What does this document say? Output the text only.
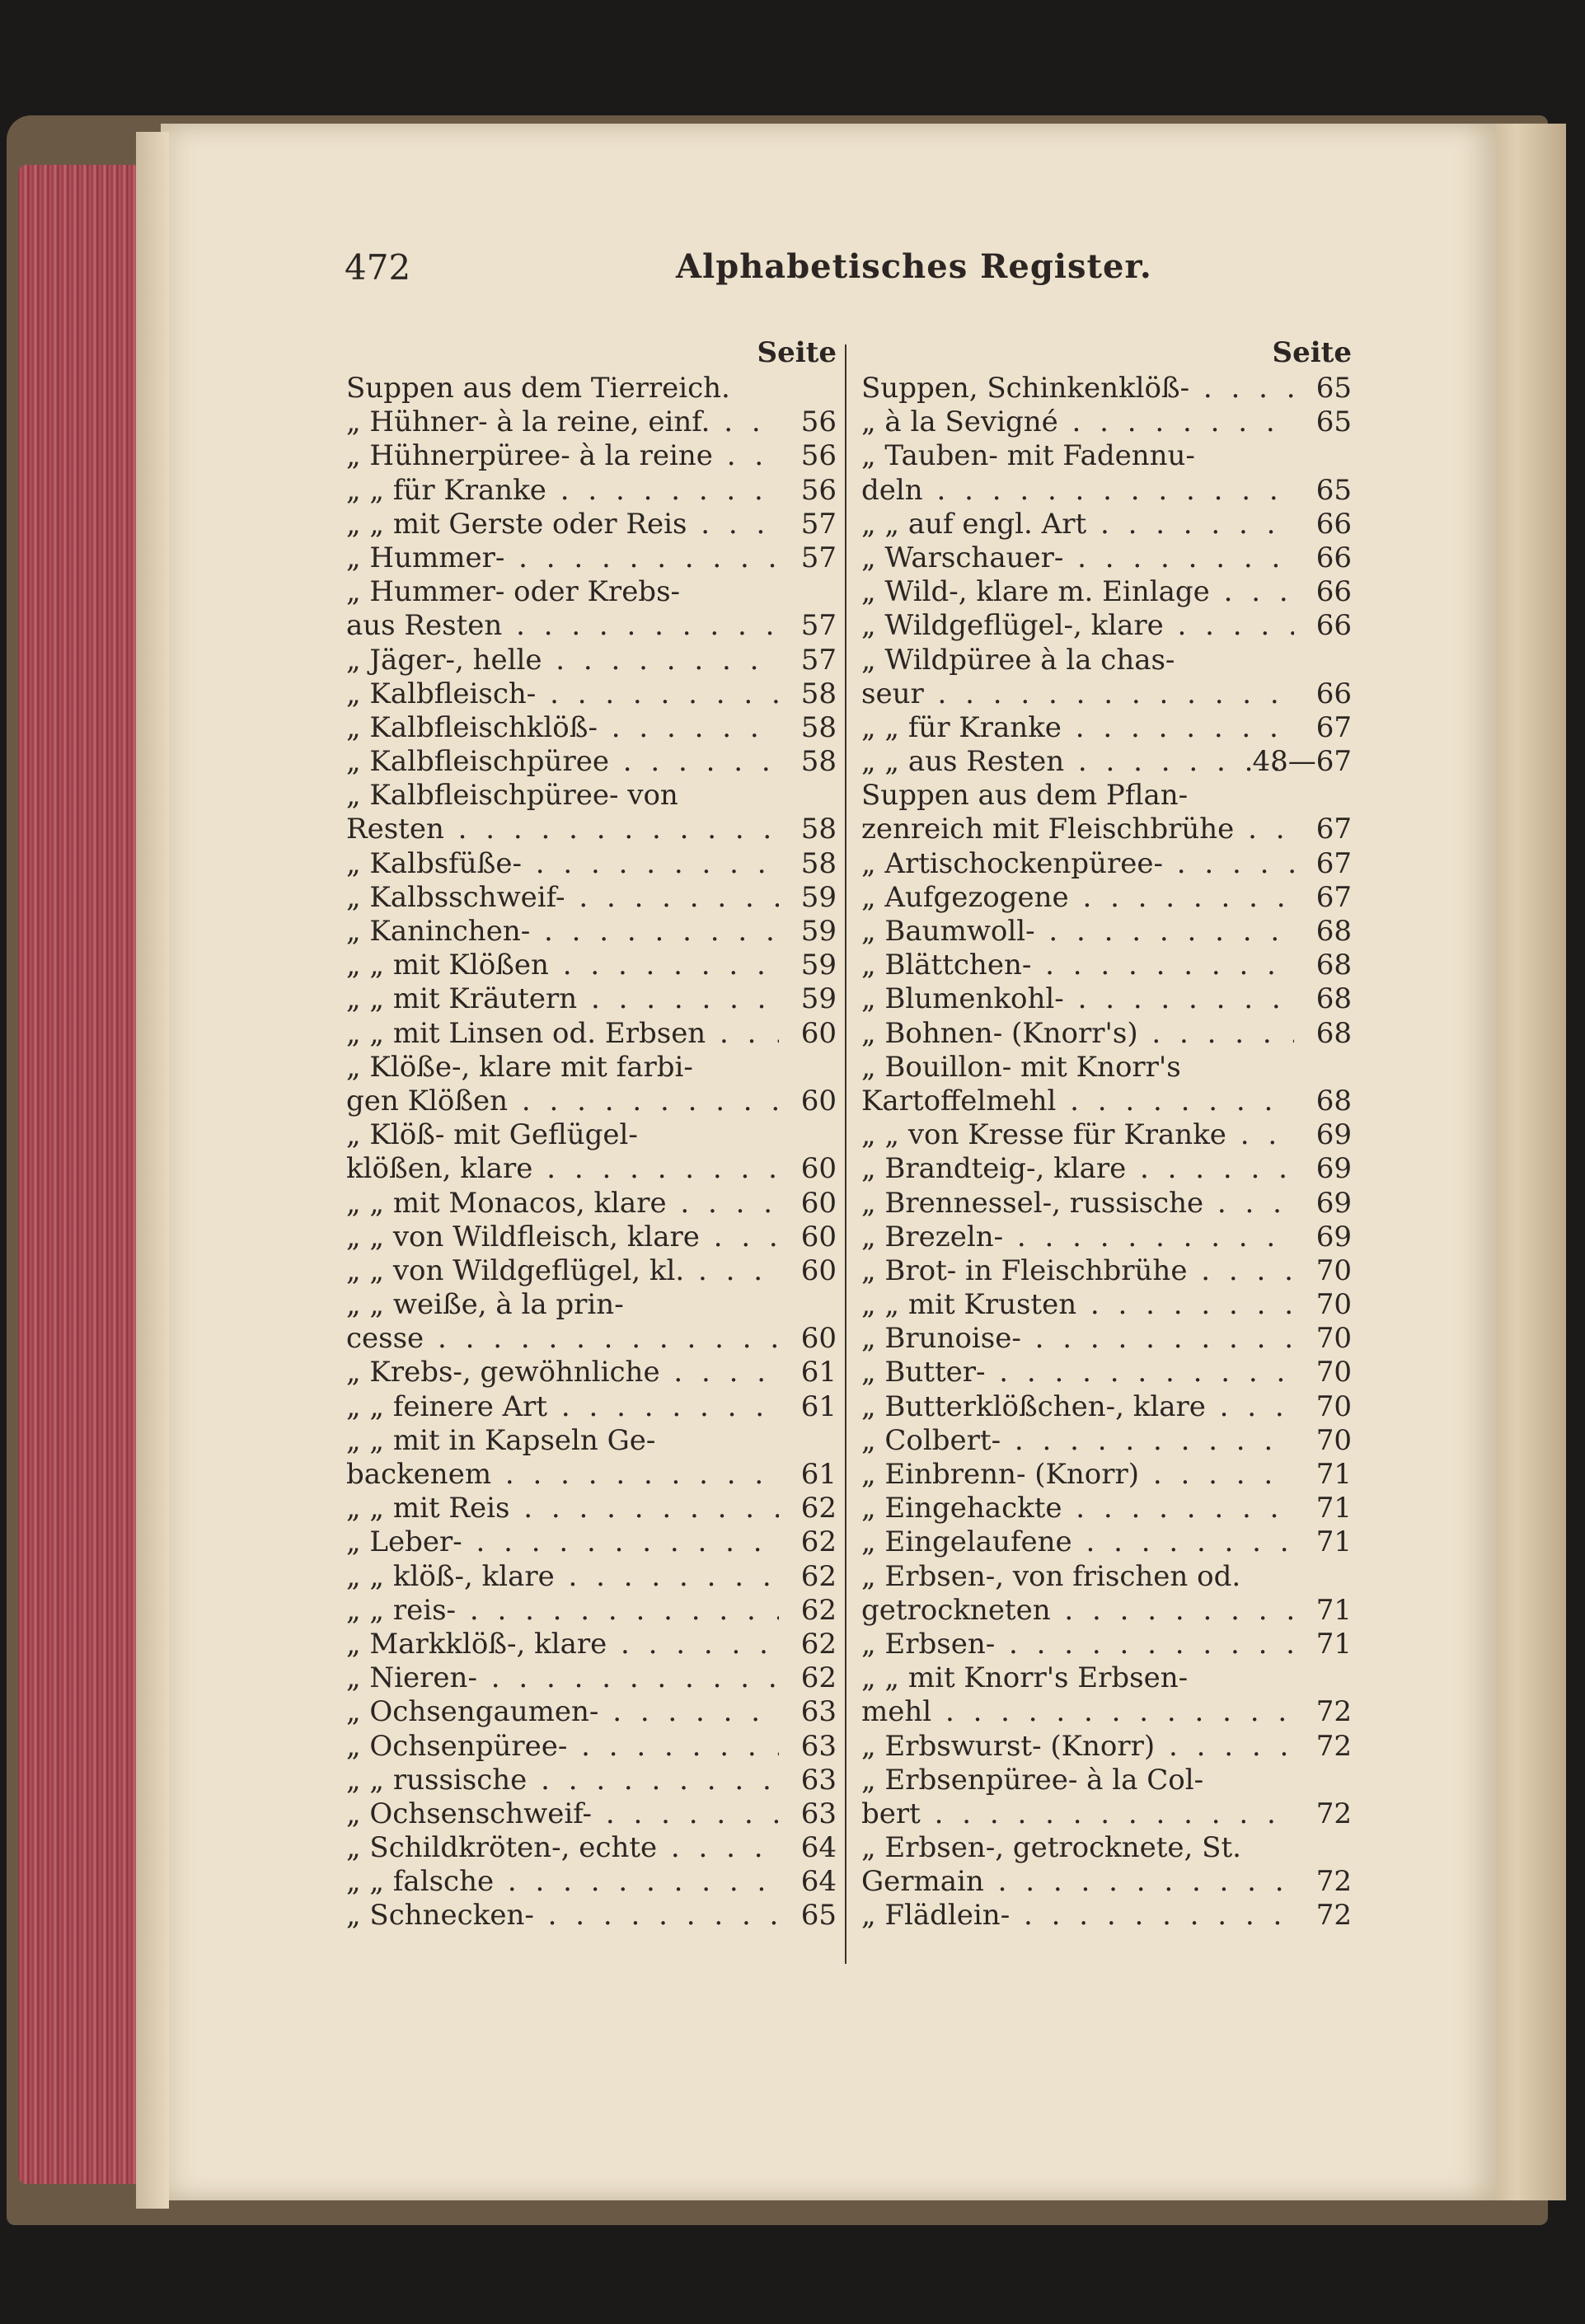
472	Alphabetisches Register.
Seite
Suppen aus dem Tierreich.
„ Hühner- à la reine, einf. . . .	56
„ Hühnerpüree- à la reine . . .	56
„ „ für Kranke . . .	56
„ „ mit Gerste oder Reis . . .	57
„ Hummer- . . .	57
„ Hummer- oder Krebs-
aus Resten . . .	57
„ Jäger-, helle . . .	57
„ Kalbfleisch- . . .	58
„ Kalbfleischklöß- . . .	58
„ Kalbfleischpüree . . .	58
„ Kalbfleischpüree- von
Resten . . .	58
„ Kalbsfüße- . . .	58
„ Kalbsschweif- . . .	59
„ Kaninchen- . . .	59
„ „ mit Klößen . . .	59
„ „ mit Kräutern . . .	59
„ „ mit Linsen od. Erbsen . . .	60
„ Klöße-, klare mit farbi-
gen Klößen . . .	60
„ Klöß- mit Geflügel-
klößen, klare . . .	60
„ „ mit Monacos, klare . . .	60
„ „ von Wildfleisch, klare . . .	60
„ „ von Wildgeflügel, kl. . . .	60
„ „ weiße, à la prin-
cesse . . .	60
„ Krebs-, gewöhnliche . . .	61
„ „ feinere Art . . .	61
„ „ mit in Kapseln Ge-
backenem . . .	61
„ „ mit Reis . . .	62
„ Leber- . . .	62
„ „ klöß-, klare . . .	62
„ „ reis- . . .	62
„ Markklöß-, klare . . .	62
„ Nieren- . . .	62
„ Ochsengaumen- . . .	63
„ Ochsenpüree- . . .	63
„ „ russische . . .	63
„ Ochsenschweif- . . .	63
„ Schildkröten-, echte . . .	64
„ „ falsche . . .	64
„ Schnecken- . . .	65
Seite
Suppen, Schinkenklöß- . . .	65
„ à la Sevigné . . .	65
„ Tauben- mit Fadennu-
deln . . .	65
„ „ auf engl. Art . . .	66
„ Warschauer- . . .	66
„ Wild-, klare m. Einlage . . .	66
„ Wildgeflügel-, klare . . .	66
„ Wildpüree à la chas-
seur . . .	66
„ „ für Kranke . . .	67
„ „ aus Resten . . .	48—67
Suppen aus dem Pflan-
zenreich mit Fleischbrühe . . .	67
„ Artischockenpüree- . . .	67
„ Aufgezogene . . .	67
„ Baumwoll- . . .	68
„ Blättchen- . . .	68
„ Blumenkohl- . . .	68
„ Bohnen- (Knorr's) . . .	68
„ Bouillon- mit Knorr's
Kartoffelmehl . . .	68
„ „ von Kresse für Kranke . . .	69
„ Brandteig-, klare . . .	69
„ Brennessel-, russische . . .	69
„ Brezeln- . . .	69
„ Brot- in Fleischbrühe . . .	70
„ „ mit Krusten . . .	70
„ Brunoise- . . .	70
„ Butter- . . .	70
„ Butterklößchen-, klare . . .	70
„ Colbert- . . .	70
„ Einbrenn- (Knorr) . . .	71
„ Eingehackte . . .	71
„ Eingelaufene . . .	71
„ Erbsen-, von frischen od.
getrockneten . . .	71
„ Erbsen- . . .	71
„ „ mit Knorr's Erbsen-
mehl . . .	72
„ Erbswurst- (Knorr) . . .	72
„ Erbsenpüree- à la Col-
bert . . .	72
„ Erbsen-, getrocknete, St.
Germain . . .	72
„ Flädlein- . . .	72
